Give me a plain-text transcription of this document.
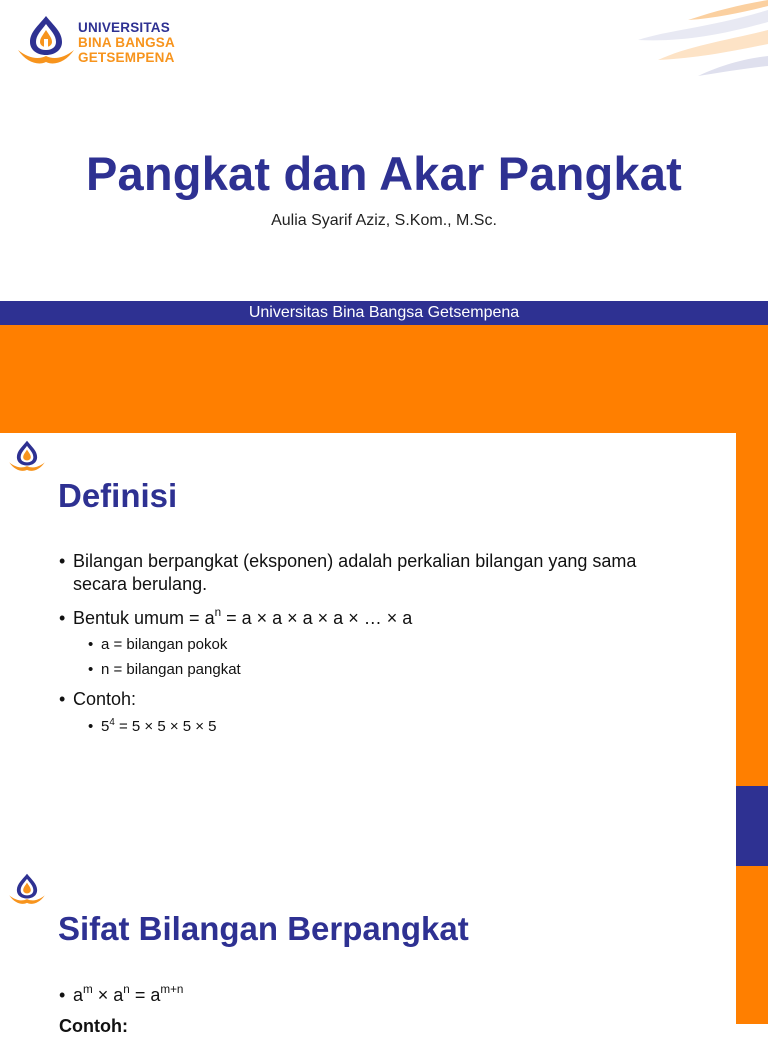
UNIVERSITAS
BINA BANGSA
GETSEMPENA
Pangkat dan Akar Pangkat
Aulia Syarif Aziz, S.Kom., M.Sc.
Universitas Bina Bangsa Getsempena
Definisi
• Bilangan berpangkat (eksponen) adalah perkalian bilangan yang sama
secara berulang.
• Bentuk umum = $a^n = a \times a \times a \times a$ × … × a
• a = bilangan pokok
• n = bilangan pangkat
• Contoh:
• $5^4 = 5 \times 5 \times 5 \times 5$
Sifat Bilangan Berpangkat
• $a^m \times a^n = a^{m+n}$
Contoh:
